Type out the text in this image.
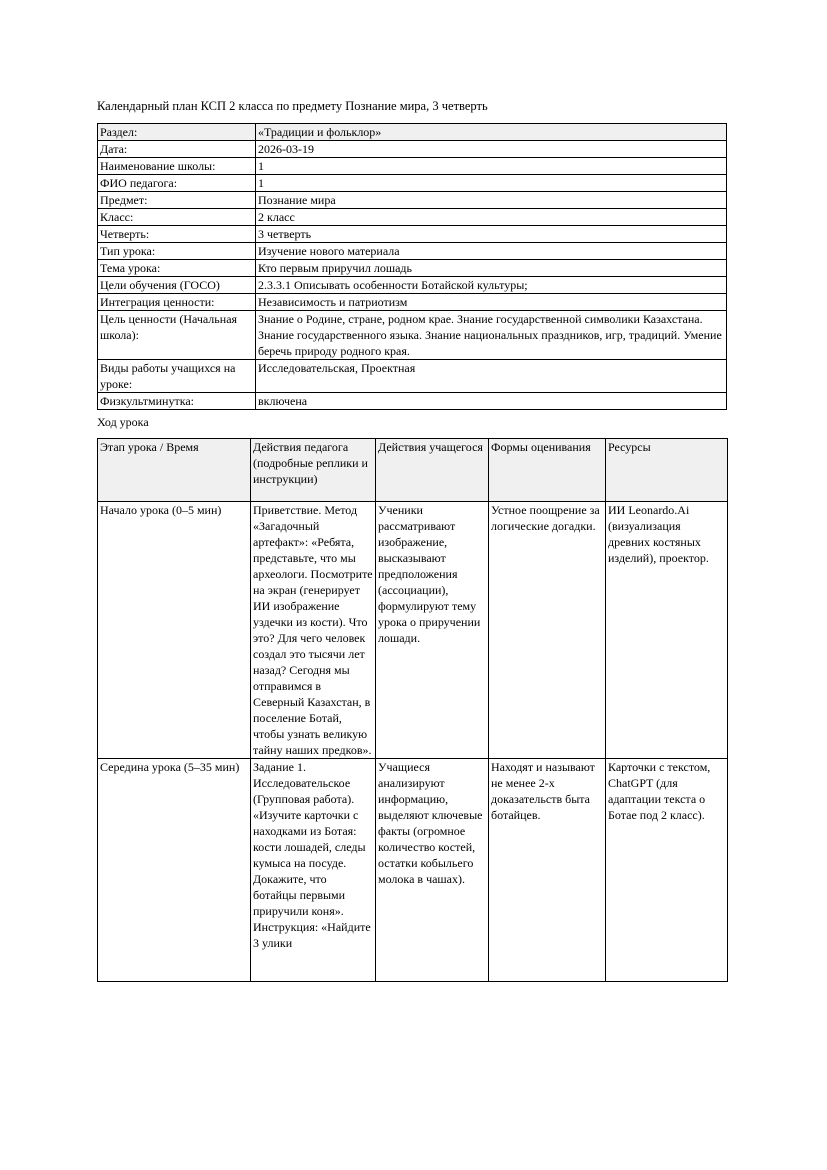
Календарный план КСП 2 класса по предмету Познание мира, 3 четверть

Раздел:	«Традиции и фольклор»
Дата:	2026-03-19
Наименование школы:	1
ФИО педагога:	1
Предмет:	Познание мира
Класс:	2 класс
Четверть:	3 четверть
Тип урока:	Изучение нового материала
Тема урока:	Кто первым приручил лошадь
Цели обучения (ГОСО)	2.3.3.1 Описывать особенности Ботайской культуры;
Интеграция ценности:	Независимость и патриотизм
Цель ценности (Начальная школа):	Знание о Родине, стране, родном крае. Знание государственной символики Казахстана. Знание государственного языка. Знание национальных праздников, игр, традиций. Умение беречь природу родного края.
Виды работы учащихся на уроке:	Исследовательская, Проектная
Физкультминутка:	включена

Ход урока

Этап урока / Время	Действия педагога (подробные реплики и инструкции)	Действия учащегося	Формы оценивания	Ресурсы
Начало урока (0–5 мин)	Приветствие. Метод «Загадочный артефакт»: «Ребята, представьте, что мы археологи. Посмотрите на экран (генерирует ИИ изображение уздечки из кости). Что это? Для чего человек создал это тысячи лет назад? Сегодня мы отправимся в Северный Казахстан, в поселение Ботай, чтобы узнать великую тайну наших предков».	Ученики рассматривают изображение, высказывают предположения (ассоциации), формулируют тему урока о приручении лошади.	Устное поощрение за логические догадки.	ИИ Leonardo.Ai (визуализация древних костяных изделий), проектор.

Середина урока (5–35 мин)	Задание 1. Исследовательское (Групповая работа). «Изучите карточки с находками из Ботая: кости лошадей, следы кумыса на посуде. Докажите, что ботайцы первыми приручили коня». Инструкция: «Найдите 3 улики	Учащиеся анализируют информацию, выделяют ключевые факты (огромное количество костей, остатки кобыльего молока в чашах).	Находят и называют не менее 2-х доказательств быта ботайцев.	Карточки с текстом, ChatGPT (для адаптации текста о Ботае под 2 класс).
